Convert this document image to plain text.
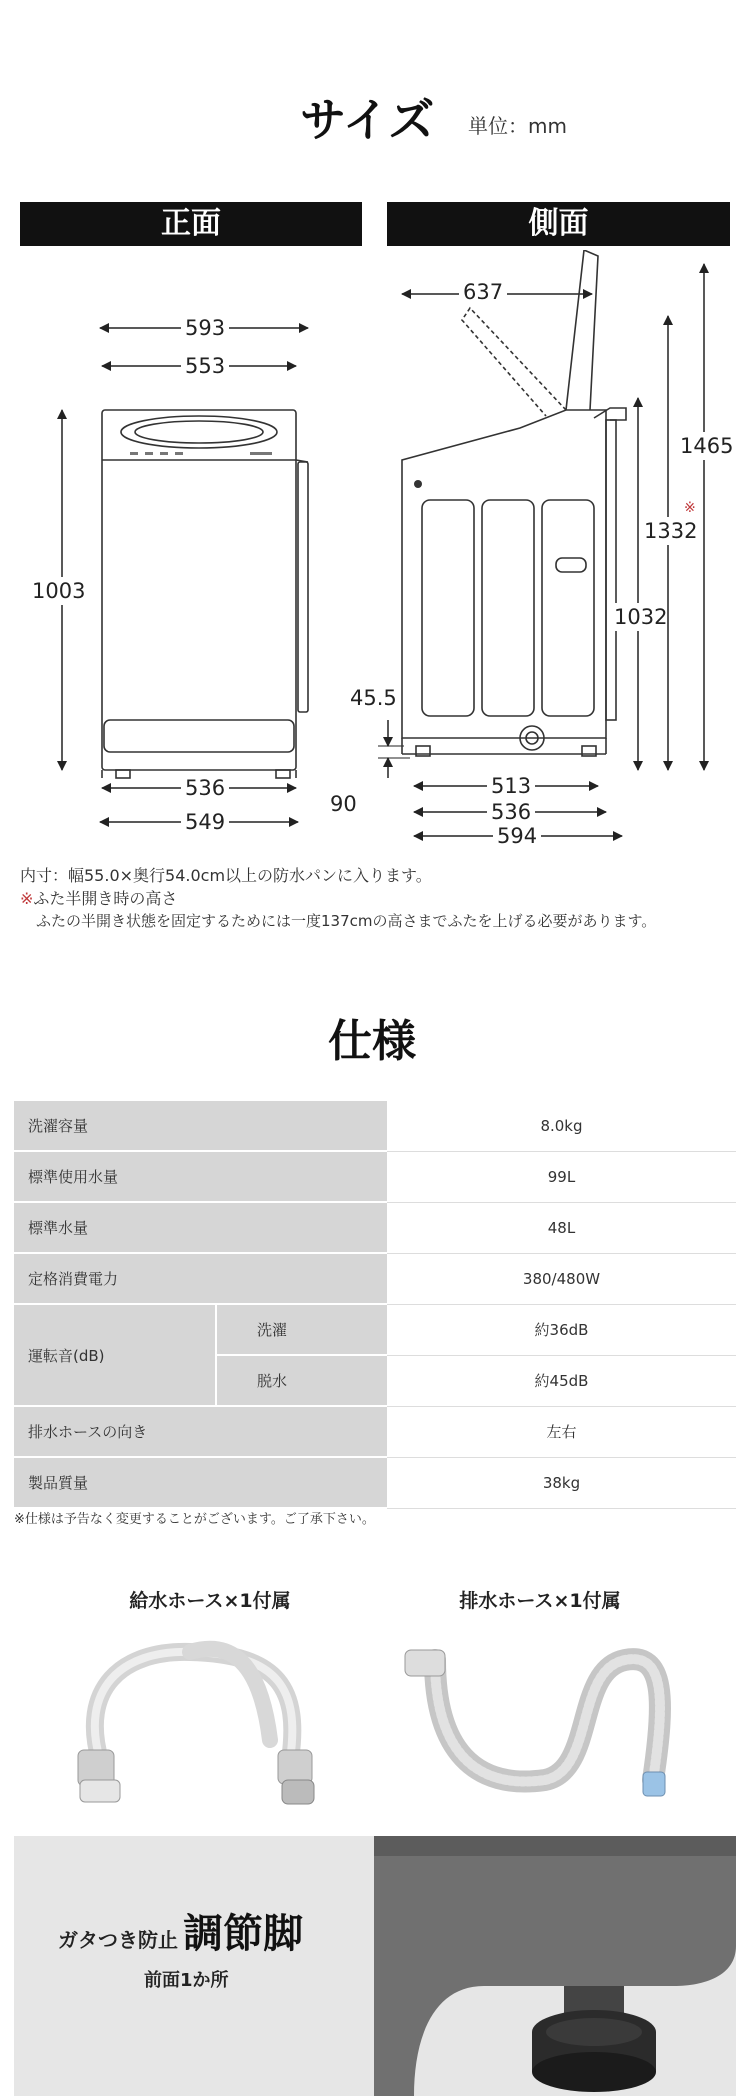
サイズ 単位：mm
正面	側面
593
553
1003
536
549
637
1465
※
1332
1032
45.5
90
513
536
594
内寸：幅55.0×奥行54.0cm以上の防水パンに入ります。
※ふた半開き時の高さ
ふたの半開き状態を固定するためには一度137cmの高さまでふたを上げる必要があります。
仕様
洗濯容量		8.0kg
標準使用水量		99L
標準水量		48L
定格消費電力		380/480W
運転音(dB)	洗濯	約36dB
	脱水	約45dB
排水ホースの向き		左右
製品質量		38kg
※仕様は予告なく変更することがございます。ご了承下さい。
給水ホース×1付属	排水ホース×1付属
ガタつき防止 調節脚
前面1か所
